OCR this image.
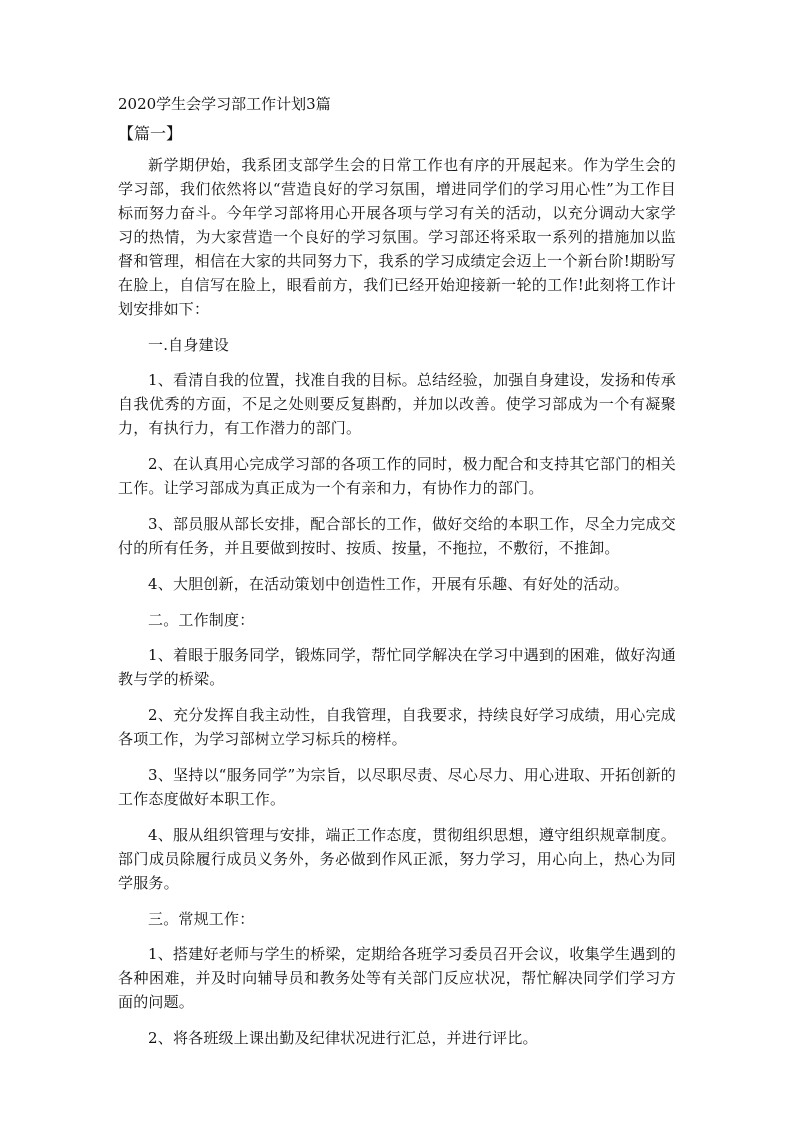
2020学生会学习部工作计划3篇
【篇一】

新学期伊始，我系团支部学生会的日常工作也有序的开展起来。作为学生会的学习部，我们依然将以“营造良好的学习氛围，增进同学们的学习用心性”为工作目标而努力奋斗。今年学习部将用心开展各项与学习有关的活动，以充分调动大家学习的热情，为大家营造一个良好的学习氛围。学习部还将采取一系列的措施加以监督和管理，相信在大家的共同努力下，我系的学习成绩定会迈上一个新台阶!期盼写在脸上，自信写在脸上，眼看前方，我们已经开始迎接新一轮的工作!此刻将工作计划安排如下：

一.自身建设

1、看清自我的位置，找准自我的目标。总结经验，加强自身建设，发扬和传承自我优秀的方面，不足之处则要反复斟酌，并加以改善。使学习部成为一个有凝聚力，有执行力，有工作潜力的部门。

2、在认真用心完成学习部的各项工作的同时，极力配合和支持其它部门的相关工作。让学习部成为真正成为一个有亲和力，有协作力的部门。

3、部员服从部长安排，配合部长的工作，做好交给的本职工作，尽全力完成交付的所有任务，并且要做到按时、按质、按量，不拖拉，不敷衍，不推卸。

4、大胆创新，在活动策划中创造性工作，开展有乐趣、有好处的活动。

二。工作制度：

1、着眼于服务同学，锻炼同学，帮忙同学解决在学习中遇到的困难，做好沟通教与学的桥梁。

2、充分发挥自我主动性，自我管理，自我要求，持续良好学习成绩，用心完成各项工作，为学习部树立学习标兵的榜样。

3、坚持以“服务同学”为宗旨，以尽职尽责、尽心尽力、用心进取、开拓创新的工作态度做好本职工作。

4、服从组织管理与安排，端正工作态度，贯彻组织思想，遵守组织规章制度。部门成员除履行成员义务外，务必做到作风正派，努力学习，用心向上，热心为同学服务。

三。常规工作：

1、搭建好老师与学生的桥梁，定期给各班学习委员召开会议，收集学生遇到的各种困难，并及时向辅导员和教务处等有关部门反应状况，帮忙解决同学们学习方面的问题。

2、将各班级上课出勤及纪律状况进行汇总，并进行评比。
